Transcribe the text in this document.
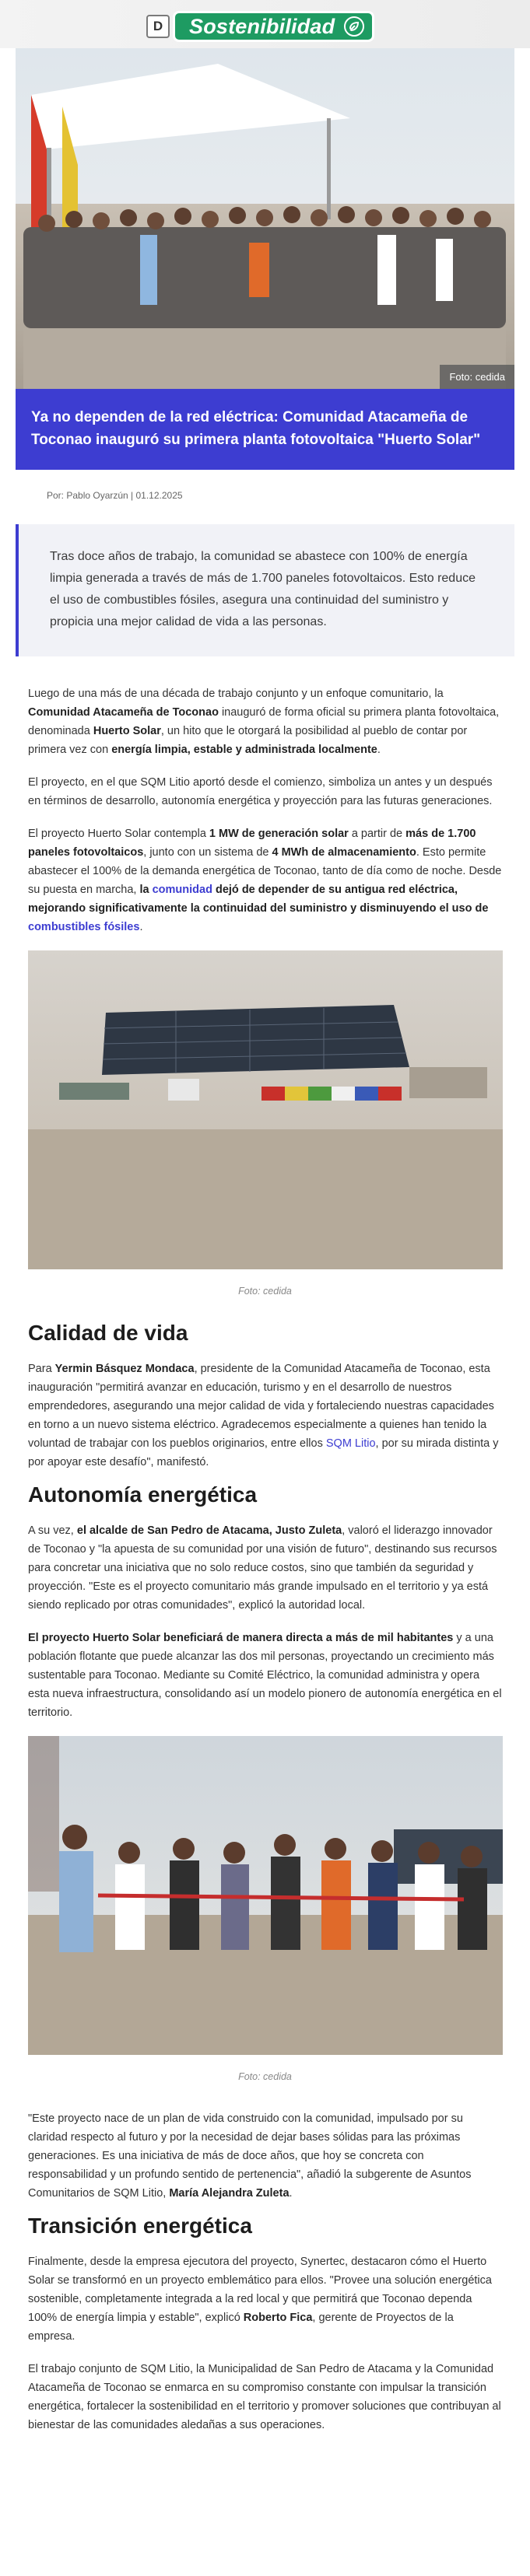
D	Sostenibilidad
Foto: cedida
Ya no dependen de la red eléctrica: Comunidad Atacameña de Toconao inauguró su primera planta fotovoltaica "Huerto Solar"
Por: Pablo Oyarzún | 01.12.2025
Tras doce años de trabajo, la comunidad se abastece con 100% de energía limpia generada a través de más de 1.700 paneles fotovoltaicos. Esto reduce el uso de combustibles fósiles, asegura una continuidad del suministro y propicia una mejor calidad de vida a las personas.

Luego de una más de una década de trabajo conjunto y un enfoque comunitario, la Comunidad Atacameña de Toconao inauguró de forma oficial su primera planta fotovoltaica, denominada Huerto Solar, un hito que le otorgará la posibilidad al pueblo de contar por primera vez con energía limpia, estable y administrada localmente.

El proyecto, en el que SQM Litio aportó desde el comienzo, simboliza un antes y un después en términos de desarrollo, autonomía energética y proyección para las futuras generaciones.

El proyecto Huerto Solar contempla 1 MW de generación solar a partir de más de 1.700 paneles fotovoltaicos, junto con un sistema de 4 MWh de almacenamiento. Esto permite abastecer el 100% de la demanda energética de Toconao, tanto de día como de noche. Desde su puesta en marcha, la comunidad dejó de depender de su antigua red eléctrica, mejorando significativamente la continuidad del suministro y disminuyendo el uso de combustibles fósiles.

Foto: cedida
Calidad de vida

Para Yermin Básquez Mondaca, presidente de la Comunidad Atacameña de Toconao, esta inauguración "permitirá avanzar en educación, turismo y en el desarrollo de nuestros emprendedores, asegurando una mejor calidad de vida y fortaleciendo nuestras capacidades en torno a un nuevo sistema eléctrico. Agradecemos especialmente a quienes han tenido la voluntad de trabajar con los pueblos originarios, entre ellos SQM Litio, por su mirada distinta y por apoyar este desafío", manifestó.

Autonomía energética

A su vez, el alcalde de San Pedro de Atacama, Justo Zuleta, valoró el liderazgo innovador de Toconao y "la apuesta de su comunidad por una visión de futuro", destinando sus recursos para concretar una iniciativa que no solo reduce costos, sino que también da seguridad y proyección. "Este es el proyecto comunitario más grande impulsado en el territorio y ya está siendo replicado por otras comunidades", explicó la autoridad local.

El proyecto Huerto Solar beneficiará de manera directa a más de mil habitantes y a una población flotante que puede alcanzar las dos mil personas, proyectando un crecimiento más sustentable para Toconao. Mediante su Comité Eléctrico, la comunidad administra y opera esta nueva infraestructura, consolidando así un modelo pionero de autonomía energética en el territorio.

Foto: cedida

"Este proyecto nace de un plan de vida construido con la comunidad, impulsado por su claridad respecto al futuro y por la necesidad de dejar bases sólidas para las próximas generaciones. Es una iniciativa de más de doce años, que hoy se concreta con responsabilidad y un profundo sentido de pertenencia", añadió la subgerente de Asuntos Comunitarios de SQM Litio, María Alejandra Zuleta.

Transición energética

Finalmente, desde la empresa ejecutora del proyecto, Synertec, destacaron cómo el Huerto Solar se transformó en un proyecto emblemático para ellos. "Provee una solución energética sostenible, completamente integrada a la red local y que permitirá que Toconao dependa 100% de energía limpia y estable", explicó Roberto Fica, gerente de Proyectos de la empresa.

El trabajo conjunto de SQM Litio, la Municipalidad de San Pedro de Atacama y la Comunidad Atacameña de Toconao se enmarca en su compromiso constante con impulsar la transición energética, fortalecer la sostenibilidad en el territorio y promover soluciones que contribuyan al bienestar de las comunidades aledañas a sus operaciones.
